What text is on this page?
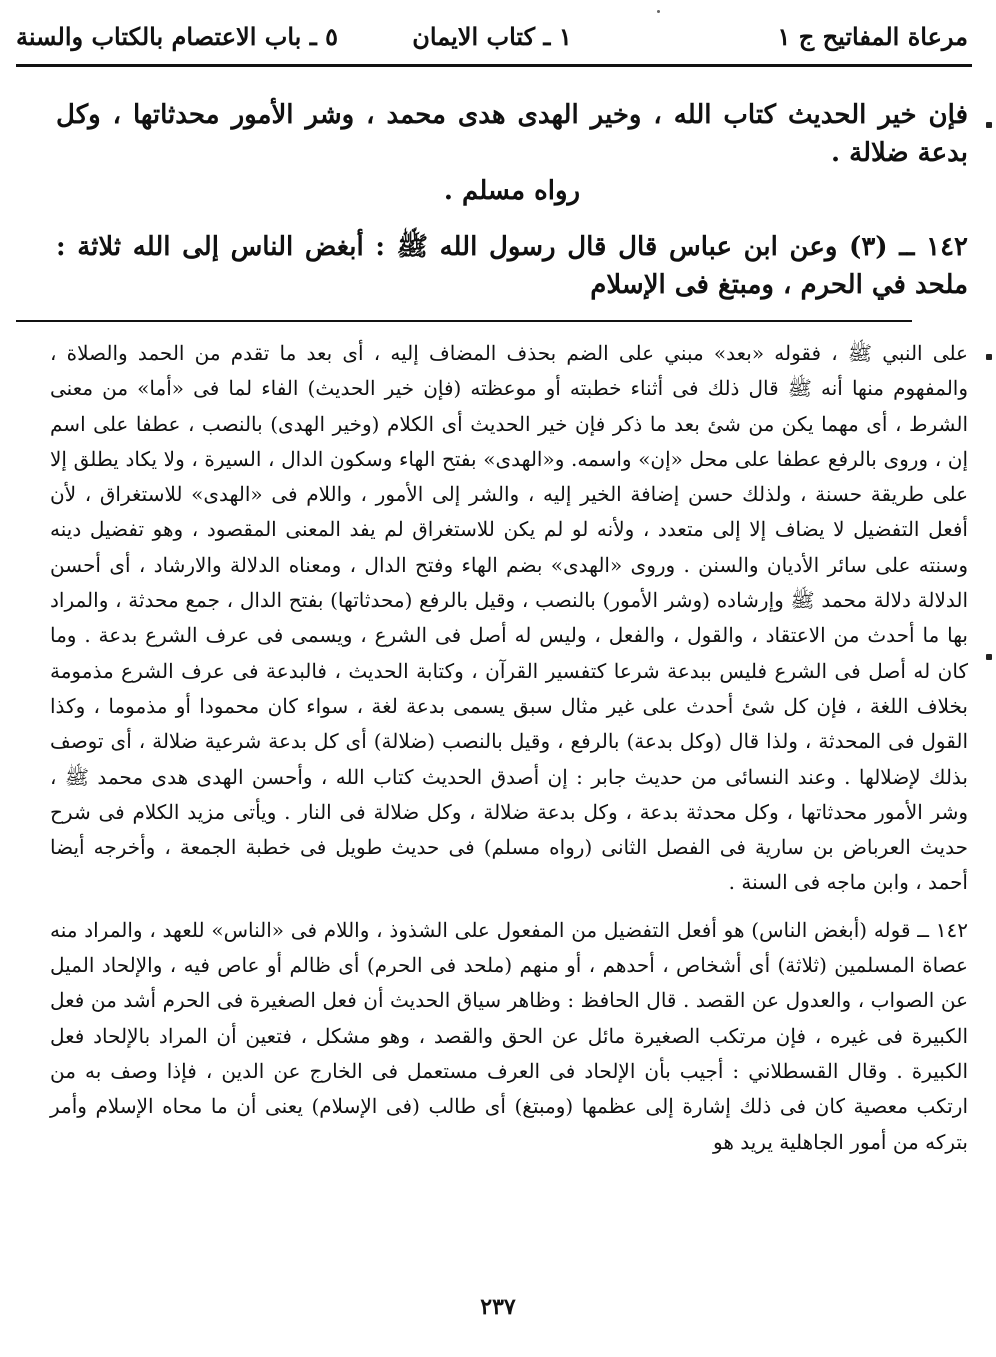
مرعاة المفاتيح ج ١
١ ـ كتاب الايمان
٥ ـ باب الاعتصام بالكتاب والسنة

فإن خير الحديث كتاب الله ، وخير الهدى هدى محمد ، وشر الأمور محدثاتها ، وكل بدعة ضلالة .

رواه مسلم .

١٤٢ ــ (٣) وعن ابن عباس قال قال رسول الله ﷺ : أبغض الناس إلى الله ثلاثة : ملحد في الحرم ، ومبتغ فى الإسلام

على النبي ﷺ ، فقوله «بعد» مبني على الضم بحذف المضاف إليه ، أى بعد ما تقدم من الحمد والصلاة ، والمفهوم منها أنه ﷺ قال ذلك فى أثناء خطبته أو موعظته (فإن خير الحديث) الفاء لما فى «أما» من معنى الشرط ، أى مهما يكن من شئ بعد ما ذكر فإن خير الحديث أى الكلام (وخير الهدى) بالنصب ، عطفا على اسم إن ، وروى بالرفع عطفا على محل «إن» واسمه. و«الهدى» بفتح الهاء وسكون الدال ، السيرة ، ولا يكاد يطلق إلا على طريقة حسنة ، ولذلك حسن إضافة الخير إليه ، والشر إلى الأمور ، واللام فى «الهدى» للاستغراق ، لأن أفعل التفضيل لا يضاف إلا إلى متعدد ، ولأنه لو لم يكن للاستغراق لم يفد المعنى المقصود ، وهو تفضيل دينه وسنته على سائر الأديان والسنن . وروى «الهدى» بضم الهاء وفتح الدال ، ومعناه الدلالة والارشاد ، أى أحسن الدلالة دلالة محمد ﷺ وإرشاده (وشر الأمور) بالنصب ، وقيل بالرفع (محدثاتها) بفتح الدال ، جمع محدثة ، والمراد بها ما أحدث من الاعتقاد ، والقول ، والفعل ، وليس له أصل فى الشرع ، ويسمى فى عرف الشرع بدعة . وما كان له أصل فى الشرع فليس ببدعة شرعا كتفسير القرآن ، وكتابة الحديث ، فالبدعة فى عرف الشرع مذمومة بخلاف اللغة ، فإن كل شئ أحدث على غير مثال سبق يسمى بدعة لغة ، سواء كان محمودا أو مذموما ، وكذا القول فى المحدثة ، ولذا قال (وكل بدعة) بالرفع ، وقيل بالنصب (ضلالة) أى كل بدعة شرعية ضلالة ، أى توصف بذلك لإضلالها . وعند النسائى من حديث جابر : إن أصدق الحديث كتاب الله ، وأحسن الهدى هدى محمد ﷺ ، وشر الأمور محدثاتها ، وكل محدثة بدعة ، وكل بدعة ضلالة ، وكل ضلالة فى النار . ويأتى مزيد الكلام فى شرح حديث العرباض بن سارية فى الفصل الثانى (رواه مسلم) فى حديث طويل فى خطبة الجمعة ، وأخرجه أيضا أحمد ، وابن ماجه فى السنة .

١٤٢ ــ قوله (أبغض الناس) هو أفعل التفضيل من المفعول على الشذوذ ، واللام فى «الناس» للعهد ، والمراد منه عصاة المسلمين (ثلاثة) أى أشخاص ، أحدهم ، أو منهم (ملحد فى الحرم) أى ظالم أو عاص فيه ، والإلحاد الميل عن الصواب ، والعدول عن القصد . قال الحافظ : وظاهر سياق الحديث أن فعل الصغيرة فى الحرم أشد من فعل الكبيرة فى غيره ، فإن مرتكب الصغيرة مائل عن الحق والقصد ، وهو مشكل ، فتعين أن المراد بالإلحاد فعل الكبيرة . وقال القسطلاني : أجيب بأن الإلحاد فى العرف مستعمل فى الخارج عن الدين ، فإذا وصف به من ارتكب معصية كان فى ذلك إشارة إلى عظمها (ومبتغ) أى طالب (فى الإسلام) يعنى أن ما محاه الإسلام وأمر بتركه من أمور الجاهلية يريد هو

٢٣٧
